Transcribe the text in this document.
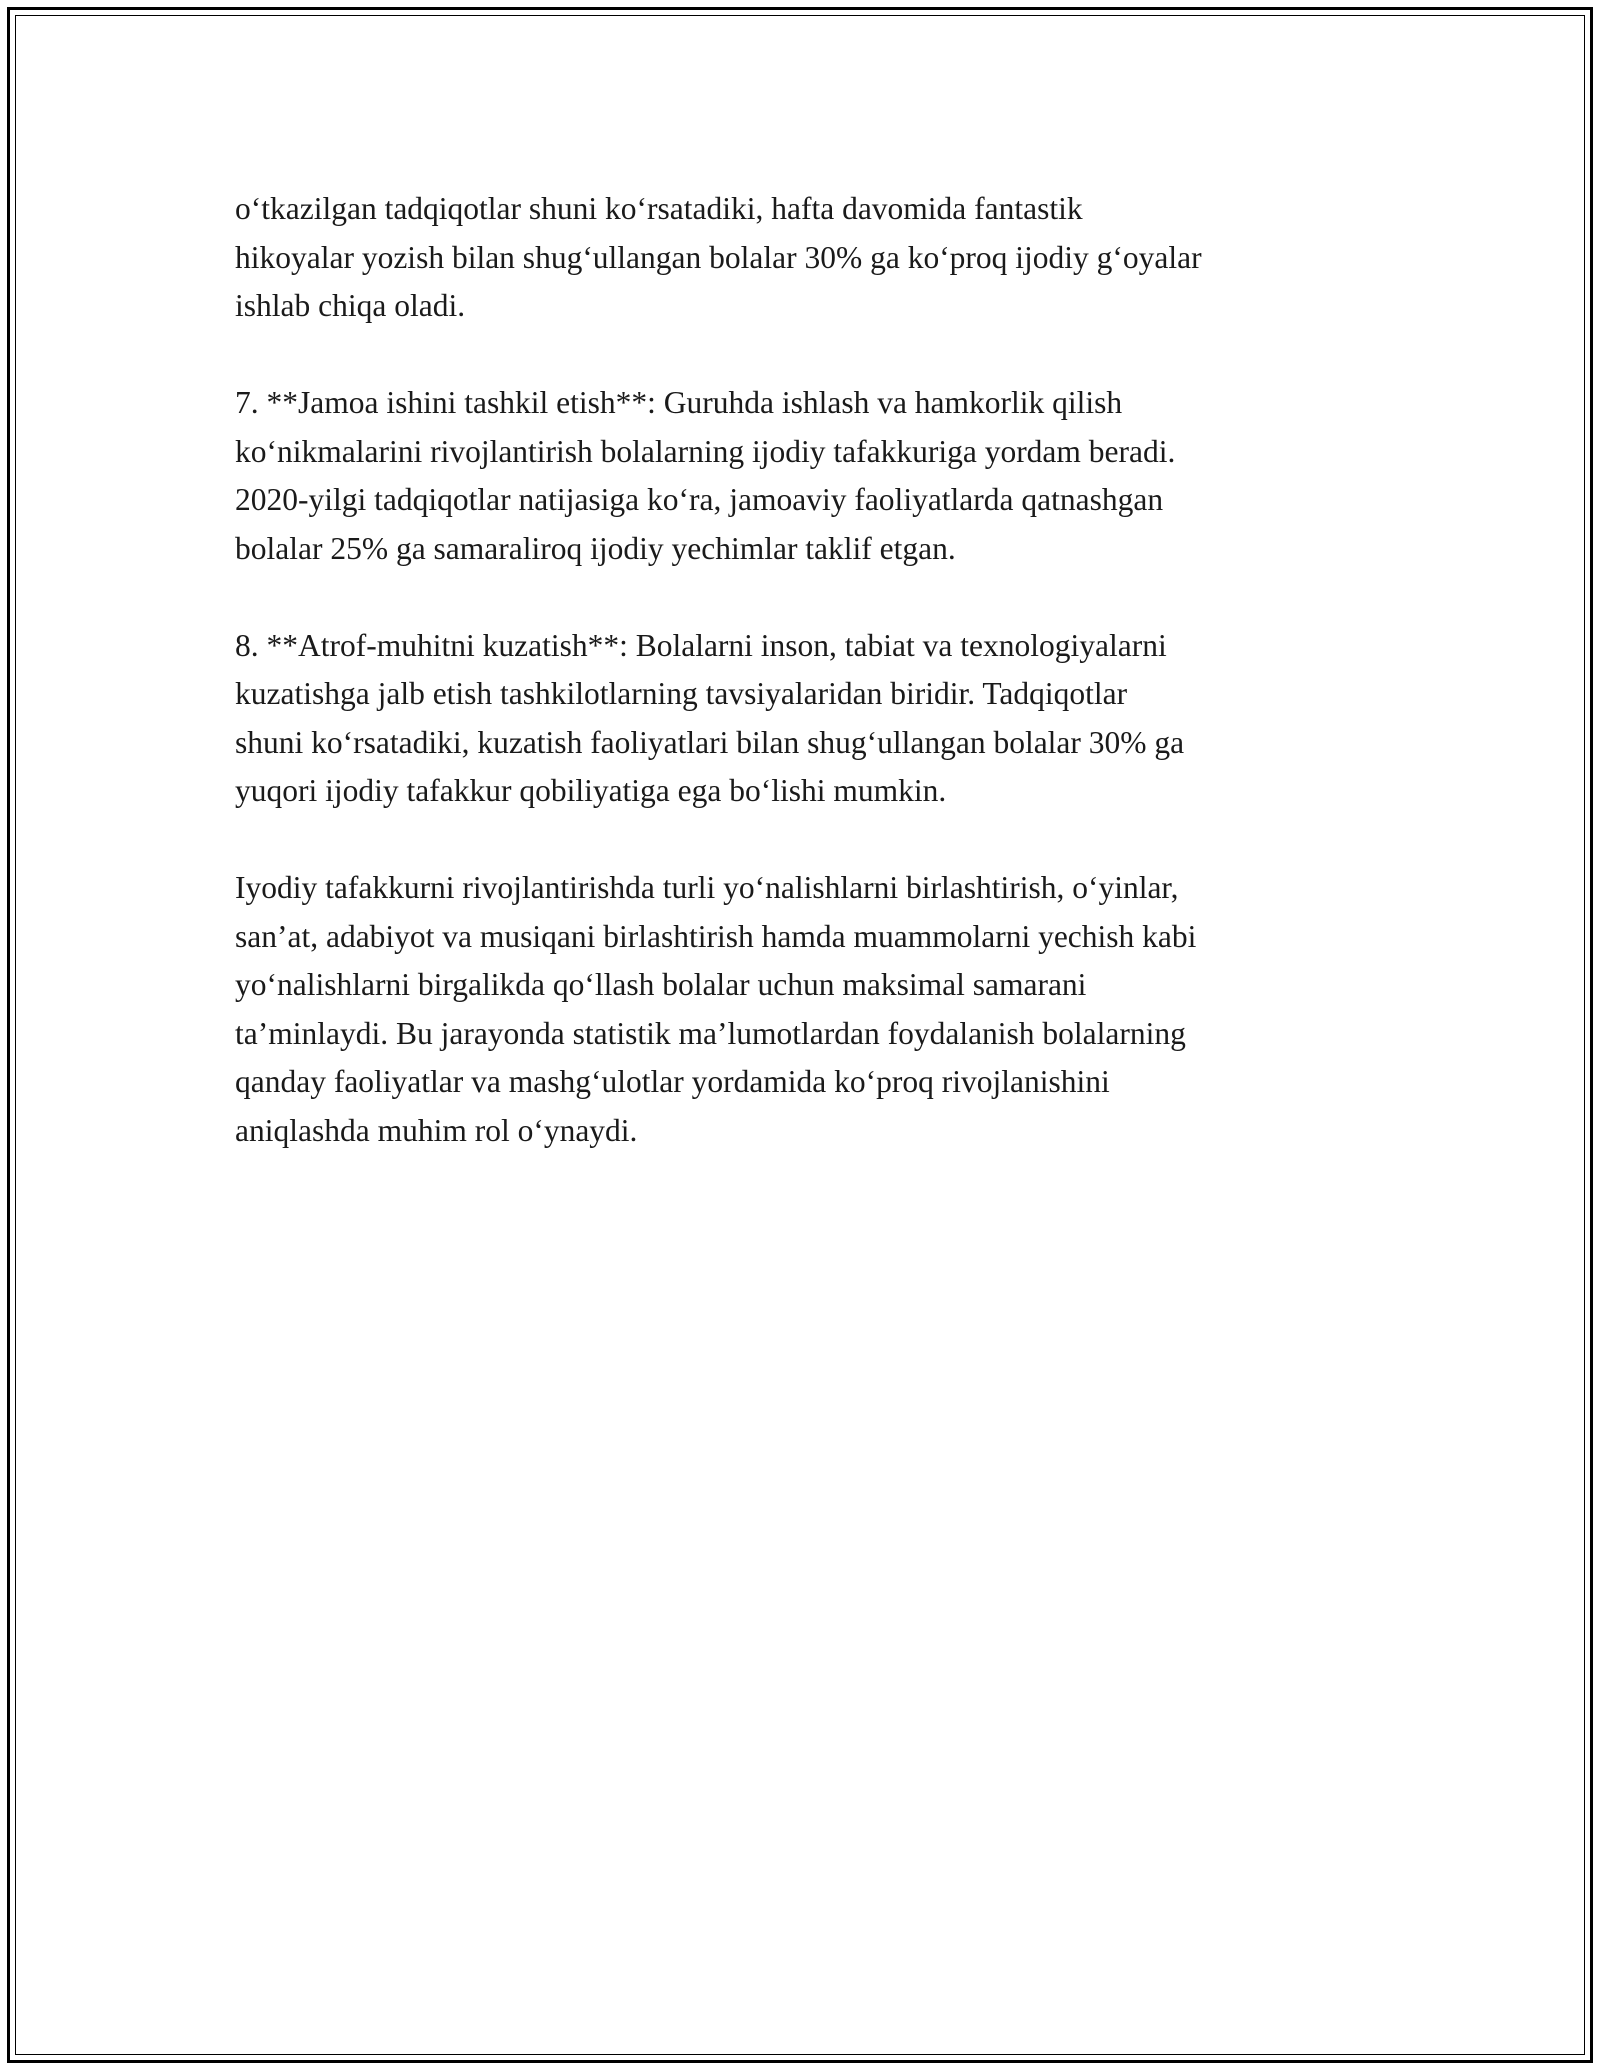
o‘tkazilgan tadqiqotlar shuni ko‘rsatadiki, hafta davomida fantastik
hikoyalar yozish bilan shug‘ullangan bolalar 30% ga ko‘proq ijodiy g‘oyalar
ishlab chiqa oladi.

7. **Jamoa ishini tashkil etish**: Guruhda ishlash va hamkorlik qilish
ko‘nikmalarini rivojlantirish bolalarning ijodiy tafakkuriga yordam beradi.
2020-yilgi tadqiqotlar natijasiga ko‘ra, jamoaviy faoliyatlarda qatnashgan
bolalar 25% ga samaraliroq ijodiy yechimlar taklif etgan.

8. **Atrof-muhitni kuzatish**: Bolalarni inson, tabiat va texnologiyalarni
kuzatishga jalb etish tashkilotlarning tavsiyalaridan biridir. Tadqiqotlar
shuni ko‘rsatadiki, kuzatish faoliyatlari bilan shug‘ullangan bolalar 30% ga
yuqori ijodiy tafakkur qobiliyatiga ega bo‘lishi mumkin.

Iyodiy tafakkurni rivojlantirishda turli yo‘nalishlarni birlashtirish, o‘yinlar,
san’at, adabiyot va musiqani birlashtirish hamda muammolarni yechish kabi
yo‘nalishlarni birgalikda qo‘llash bolalar uchun maksimal samarani
ta’minlaydi. Bu jarayonda statistik ma’lumotlardan foydalanish bolalarning
qanday faoliyatlar va mashg‘ulotlar yordamida ko‘proq rivojlanishini
aniqlashda muhim rol o‘ynaydi.
